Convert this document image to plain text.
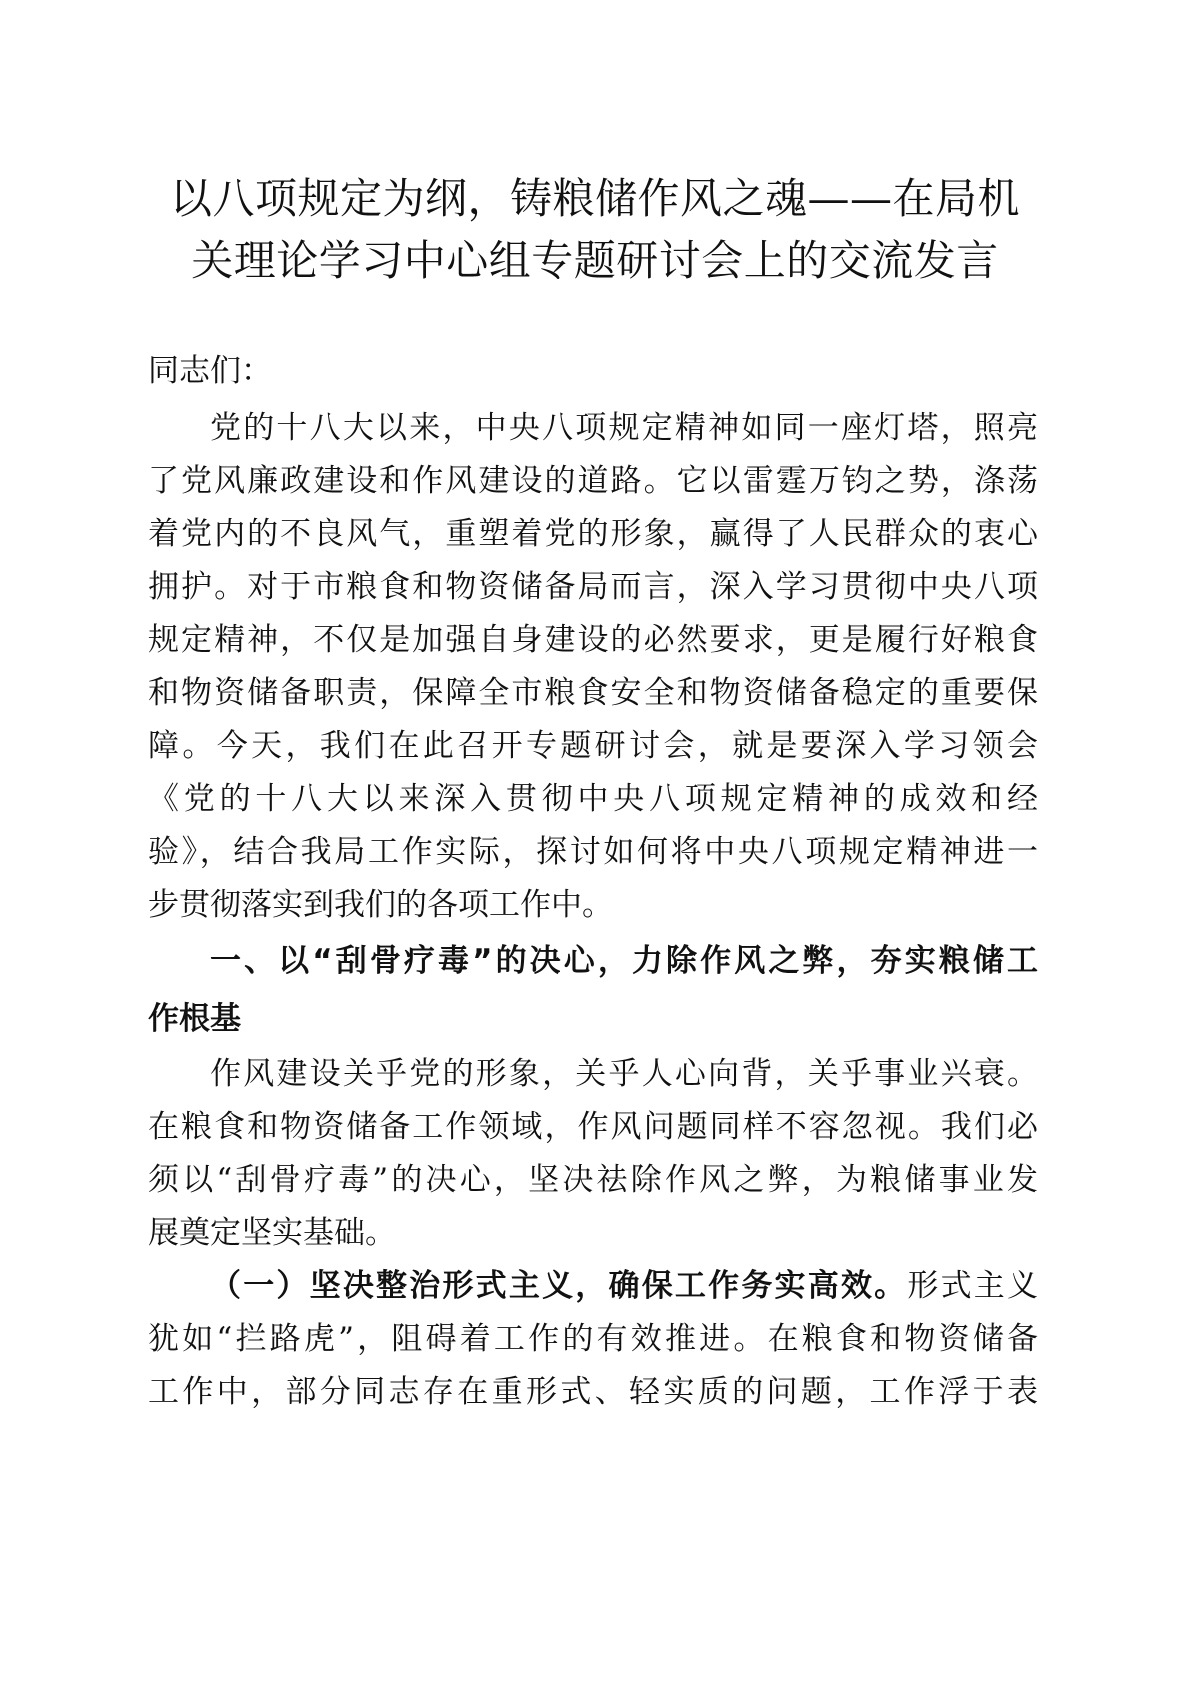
以八项规定为纲，铸粮储作风之魂——在局机
关理论学习中心组专题研讨会上的交流发言
同志们：
党的十八大以来，中央八项规定精神如同一座灯塔，照亮
了党风廉政建设和作风建设的道路。它以雷霆万钧之势，涤荡
着党内的不良风气，重塑着党的形象，赢得了人民群众的衷心
拥护。对于市粮食和物资储备局而言，深入学习贯彻中央八项
规定精神，不仅是加强自身建设的必然要求，更是履行好粮食
和物资储备职责，保障全市粮食安全和物资储备稳定的重要保
障。今天，我们在此召开专题研讨会，就是要深入学习领会
《党的十八大以来深入贯彻中央八项规定精神的成效和经
验》，结合我局工作实际，探讨如何将中央八项规定精神进一
步贯彻落实到我们的各项工作中。
一、以“刮骨疗毒”的决心，力除作风之弊，夯实粮储工
作根基
作风建设关乎党的形象，关乎人心向背，关乎事业兴衰。
在粮食和物资储备工作领域，作风问题同样不容忽视。我们必
须以“刮骨疗毒”的决心，坚决祛除作风之弊，为粮储事业发
展奠定坚实基础。
（一）坚决整治形式主义，确保工作务实高效。形式主义
犹如“拦路虎”，阻碍着工作的有效推进。在粮食和物资储备
工作中，部分同志存在重形式、轻实质的问题，工作浮于表
